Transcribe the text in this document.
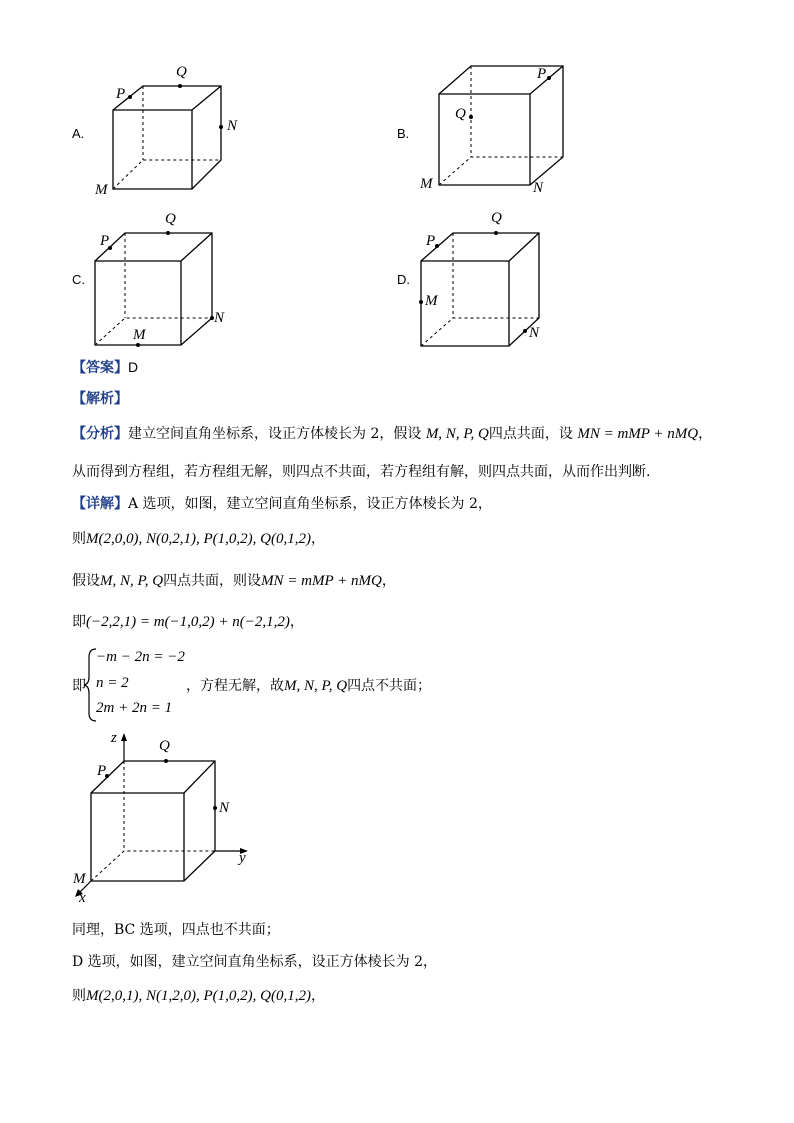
A.
P
Q
N
M
B.
P
Q
N
M
C.
P
Q
N
M
D.
P
Q
M
N
【答案】D
【解析】
【分析】建立空间直角坐标系，设正方体棱长为 2，假设 M, N, P, Q四点共面，设 MN = mMP + nMQ，
从而得到方程组，若方程组无解，则四点不共面，若方程组有解，则四点共面，从而作出判断.
【详解】A 选项，如图，建立空间直角坐标系，设正方体棱长为 2，
则M(2,0,0), N(0,2,1), P(1,0,2), Q(0,1,2)，
假设M, N, P, Q四点共面，则设MN = mMP + nMQ，
即(−2,2,1) = m(−1,0,2) + n(−2,1,2)，
即
−m − 2n = −2
n = 2
2m + 2n = 1
，方程无解，故M, N, P, Q四点不共面；
z
y
x
P
Q
N
M
同理，BC 选项，四点也不共面；
D 选项，如图，建立空间直角坐标系，设正方体棱长为 2，
则M(2,0,1), N(1,2,0), P(1,0,2), Q(0,1,2)，
